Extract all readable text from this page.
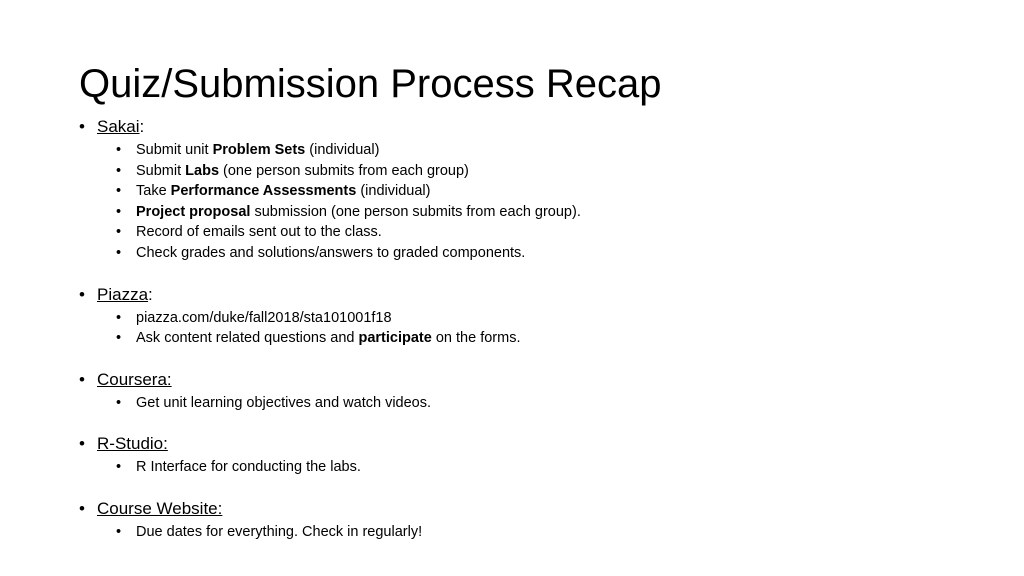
Quiz/Submission Process Recap
• Sakai:
• Submit unit Problem Sets (individual)
• Submit Labs (one person submits from each group)
• Take Performance Assessments (individual)
• Project proposal submission (one person submits from each group).
• Record of emails sent out to the class.
• Check grades and solutions/answers to graded components.
• Piazza:
• piazza.com/duke/fall2018/sta101001f18
• Ask content related questions and participate on the forms.
• Coursera:
• Get unit learning objectives and watch videos.
• R-Studio:
• R Interface for conducting the labs.
• Course Website:
• Due dates for everything. Check in regularly!
